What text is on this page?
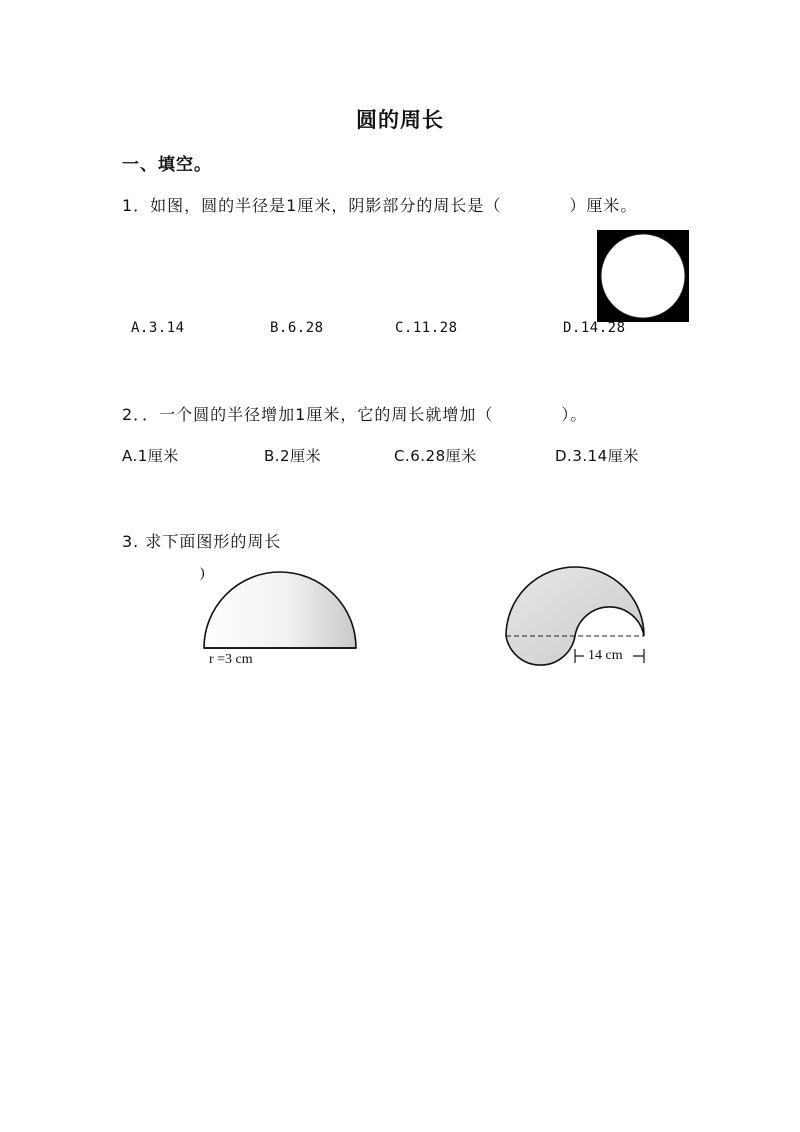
圆的周长
一、填空。
1．如图，圆的半径是1厘米，阴影部分的周长是（　　　　）厘米。
A.3.14	B.6.28	C.11.28	D.14.28
2．．一个圆的半径增加1厘米，它的周长就增加（　　　　）。
A.1厘米	B.2厘米	C.6.28厘米	D.3.14厘米
3. 求下面图形的周长
)
r =3 cm	14 cm
